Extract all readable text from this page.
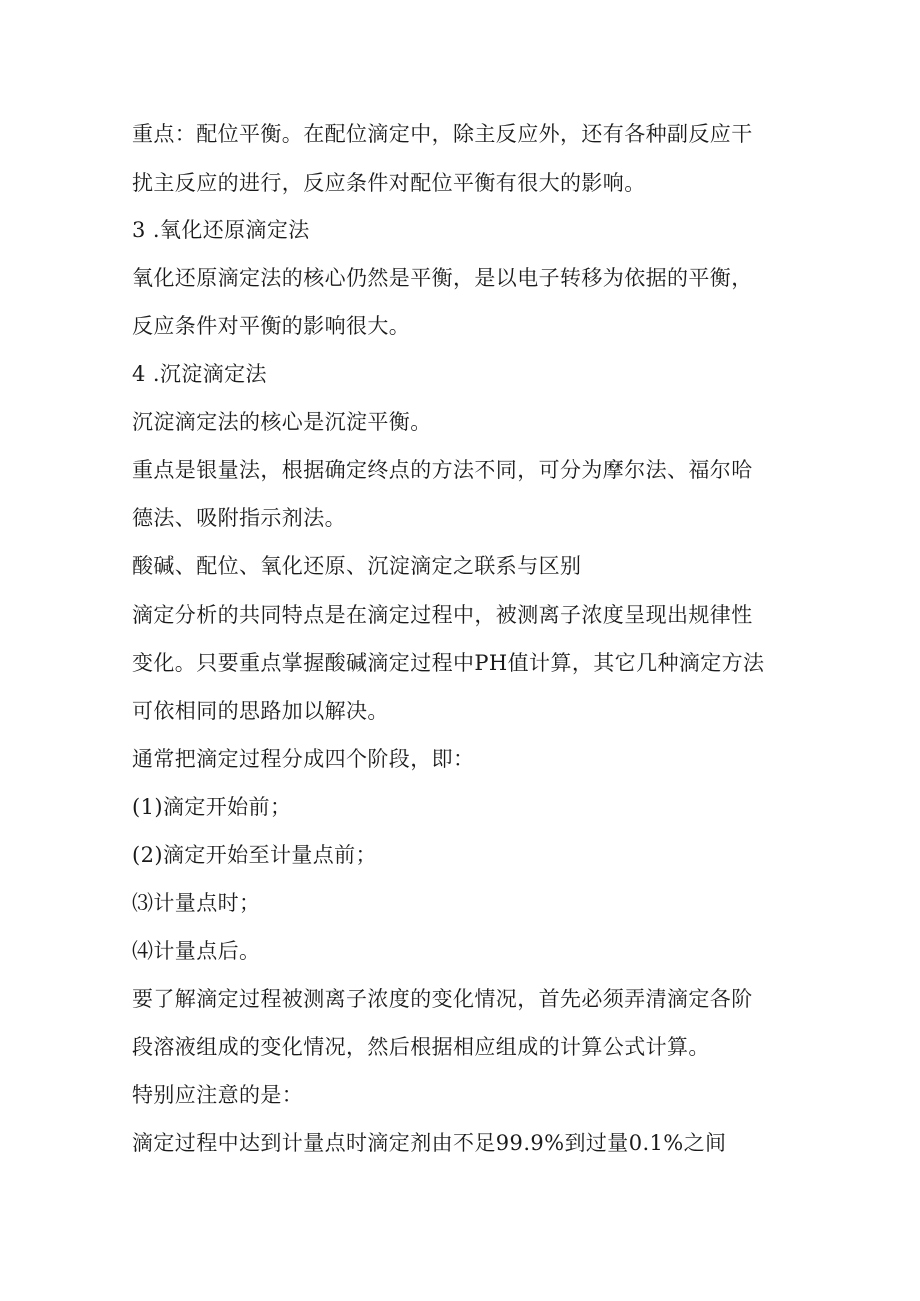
重点：配位平衡。在配位滴定中，除主反应外，还有各种副反应干

扰主反应的进行，反应条件对配位平衡有很大的影响。

3 .氧化还原滴定法

氧化还原滴定法的核心仍然是平衡，是以电子转移为依据的平衡，

反应条件对平衡的影响很大。

4 .沉淀滴定法

沉淀滴定法的核心是沉淀平衡。

重点是银量法，根据确定终点的方法不同，可分为摩尔法、福尔哈

德法、吸附指示剂法。

酸碱、配位、氧化还原、沉淀滴定之联系与区别

滴定分析的共同特点是在滴定过程中，被测离子浓度呈现出规律性

变化。只要重点掌握酸碱滴定过程中PH值计算，其它几种滴定方法

可依相同的思路加以解决。

通常把滴定过程分成四个阶段，即：

(1)滴定开始前；

(2)滴定开始至计量点前；

⑶计量点时；

⑷计量点后。

要了解滴定过程被测离子浓度的变化情况，首先必须弄清滴定各阶

段溶液组成的变化情况，然后根据相应组成的计算公式计算。

特别应注意的是：

滴定过程中达到计量点时滴定剂由不足99.9%到过量0.1%之间
